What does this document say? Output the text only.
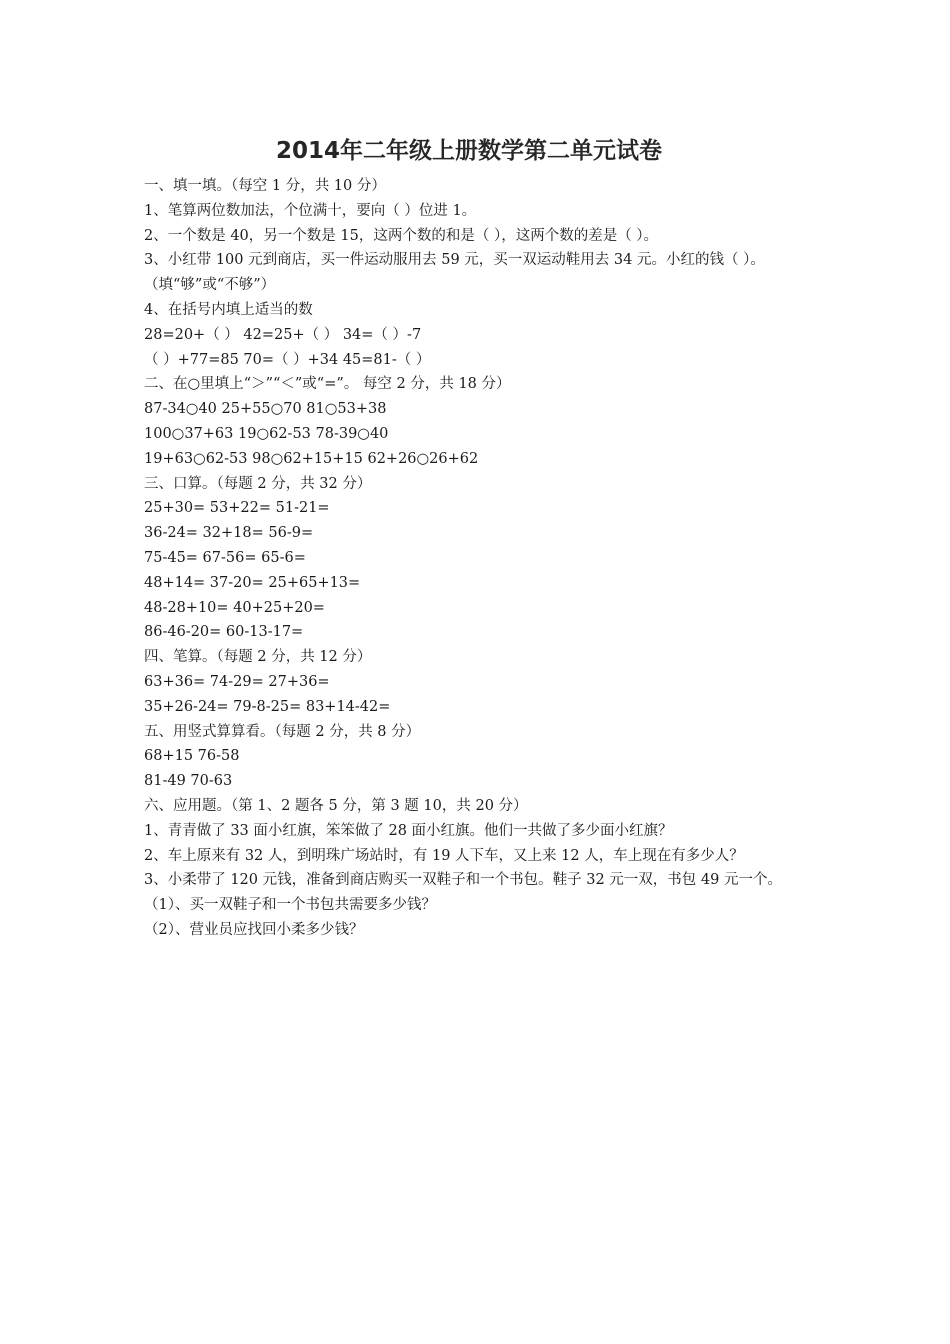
2014年二年级上册数学第二单元试卷
一、填一填。（每空 1 分，共 10 分）
1、笔算两位数加法，个位满十，要向（ ）位进 1。
2、一个数是 40，另一个数是 15，这两个数的和是（ ），这两个数的差是（ ）。
3、小红带 100 元到商店，买一件运动服用去 59 元，买一双运动鞋用去 34 元。小红的钱（ ）。（填“够”或“不够”）
4、在括号内填上适当的数
28=20+（ ） 42=25+（ ） 34=（ ）-7
（ ）+77=85 70=（ ）+34 45=81-（ ）
二、在○里填上“＞”“＜”或“=”。 每空 2 分，共 18 分）
87-34○40 25+55○70 81○53+38
100○37+63 19○62-53 78-39○40
19+63○62-53 98○62+15+15 62+26○26+62
三、口算。（每题 2 分，共 32 分）
25+30= 53+22= 51-21=
36-24= 32+18= 56-9=
75-45= 67-56= 65-6=
48+14= 37-20= 25+65+13=
48-28+10= 40+25+20=
86-46-20= 60-13-17=
四、笔算。（每题 2 分，共 12 分）
63+36= 74-29= 27+36=
35+26-24= 79-8-25= 83+14-42=
五、用竖式算算看。（每题 2 分，共 8 分）
68+15 76-58
81-49 70-63
六、应用题。（第 1、2 题各 5 分，第 3 题 10，共 20 分）
1、青青做了 33 面小红旗，笨笨做了 28 面小红旗。他们一共做了多少面小红旗？
2、车上原来有 32 人，到明珠广场站时，有 19 人下车，又上来 12 人，车上现在有多少人？
3、小柔带了 120 元钱，准备到商店购买一双鞋子和一个书包。鞋子 32 元一双，书包 49 元一个。
（1）、买一双鞋子和一个书包共需要多少钱？
（2）、营业员应找回小柔多少钱？
